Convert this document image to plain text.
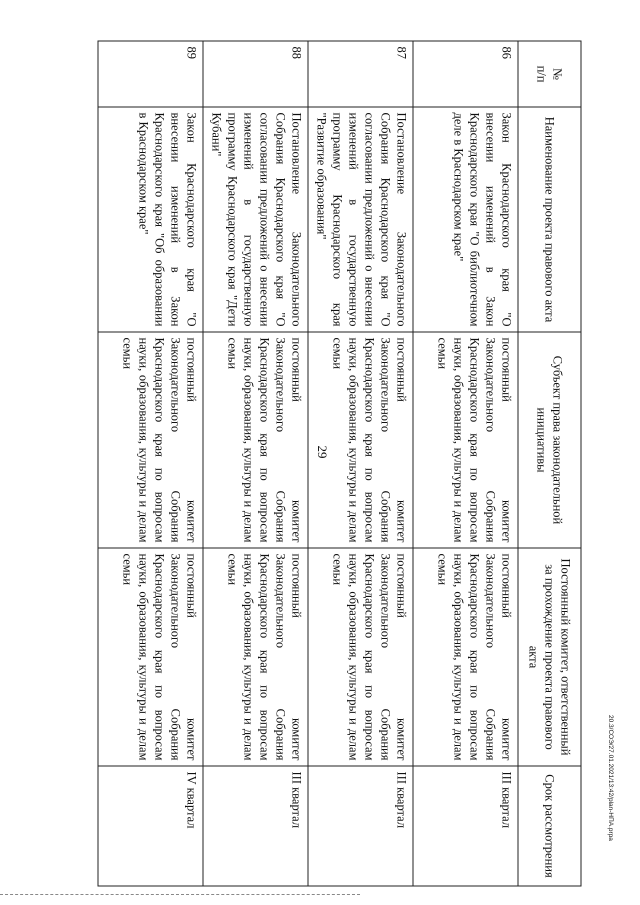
29
20.3/СОЭ/27.01.2021/13:42/plan-НПА.prpa
№
п/п	Наименование проекта правового акта	Субъект права законодательной инициативы	Постоянный комитет, ответственный за прохождение проекта правового акта	Срок рассмотрения
86	Закон Краснодарского края "О внесении изменений в Закон Краснодарского края "О библиотечном деле в Краснодарском крае"	постоянный комитет Законодательного Собрания Краснодарского края по вопросам науки, образования, культуры и делам семьи	постоянный комитет Законодательного Собрания Краснодарского края по вопросам науки, образования, культуры и делам семьи	III квартал
87	Постановление Законодательного Собрания Краснодарского края "О согласовании предложений о внесении изменений в государственную программу Краснодарского края "Развитие образования"	постоянный комитет Законодательного Собрания Краснодарского края по вопросам науки, образования, культуры и делам семьи	постоянный комитет Законодательного Собрания Краснодарского края по вопросам науки, образования, культуры и делам семьи	III квартал
88	Постановление Законодательного Собрания Краснодарского края "О согласовании предложений о внесении изменений в государственную программу Краснодарского края "Дети Кубани"	постоянный комитет Законодательного Собрания Краснодарского края по вопросам науки, образования, культуры и делам семьи	постоянный комитет Законодательного Собрания Краснодарского края по вопросам науки, образования, культуры и делам семьи	III квартал
89	Закон Краснодарского края "О внесении изменений в Закон Краснодарского края "Об образовании в Краснодарском крае"	постоянный комитет Законодательного Собрания Краснодарского края по вопросам науки, образования, культуры и делам семьи	постоянный комитет Законодательного Собрания Краснодарского края по вопросам науки, образования, культуры и делам семьи	IV квартал
